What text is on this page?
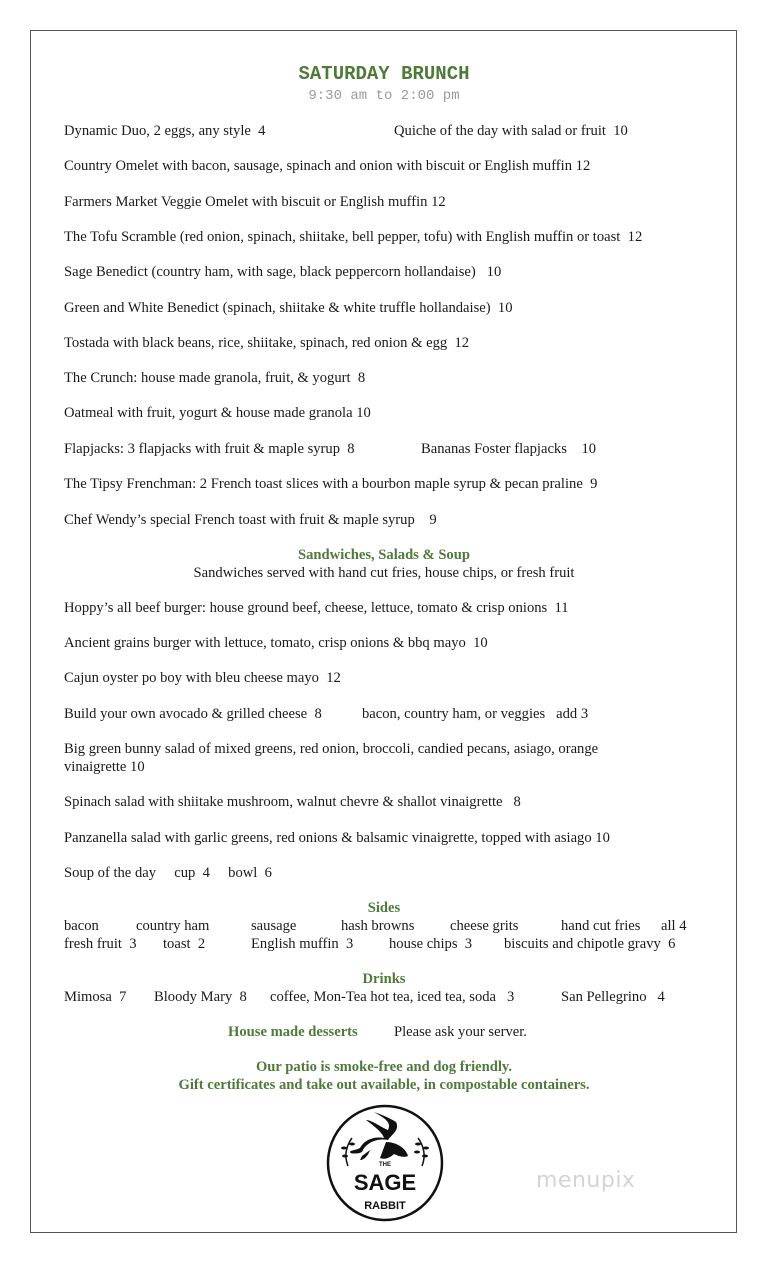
SATURDAY BRUNCH
9:30 am to 2:00 pm
Dynamic Duo, 2 eggs, any style  4	Quiche of the day with salad or fruit  10
Country Omelet with bacon, sausage, spinach and onion with biscuit or English muffin 12
Farmers Market Veggie Omelet with biscuit or English muffin 12
The Tofu Scramble (red onion, spinach, shiitake, bell pepper, tofu) with English muffin or toast  12
Sage Benedict (country ham, with sage, black peppercorn hollandaise)   10
Green and White Benedict (spinach, shiitake & white truffle hollandaise)  10
Tostada with black beans, rice, shiitake, spinach, red onion & egg  12
The Crunch: house made granola, fruit, & yogurt  8
Oatmeal with fruit, yogurt & house made granola 10
Flapjacks: 3 flapjacks with fruit & maple syrup  8	Bananas Foster flapjacks    10
The Tipsy Frenchman: 2 French toast slices with a bourbon maple syrup & pecan praline  9
Chef Wendy’s special French toast with fruit & maple syrup    9
Sandwiches, Salads & Soup
Sandwiches served with hand cut fries, house chips, or fresh fruit
Hoppy’s all beef burger: house ground beef, cheese, lettuce, tomato & crisp onions  11
Ancient grains burger with lettuce, tomato, crisp onions & bbq mayo  10
Cajun oyster po boy with bleu cheese mayo  12
Build your own avocado & grilled cheese  8	bacon, country ham, or veggies   add 3
Big green bunny salad of mixed greens, red onion, broccoli, candied pecans, asiago, orange
vinaigrette 10
Spinach salad with shiitake mushroom, walnut chevre & shallot vinaigrette   8
Panzanella salad with garlic greens, red onions & balsamic vinaigrette, topped with asiago 10
Soup of the day     cup  4     bowl  6
Sides
bacon	country ham	sausage	hash browns cheese grits	hand cut fries all 4
fresh fruit  3 toast  2	English muffin  3 house chips  3 biscuits and chipotle gravy  6
Drinks
Mimosa  7 Bloody Mary  8 coffee, Mon-Tea hot tea, iced tea, soda   3	San Pellegrino   4
House made desserts Please ask your server.
Our patio is smoke-free and dog friendly.
Gift certificates and take out available, in compostable containers.
THE
SAGE
RABBIT
menupix
